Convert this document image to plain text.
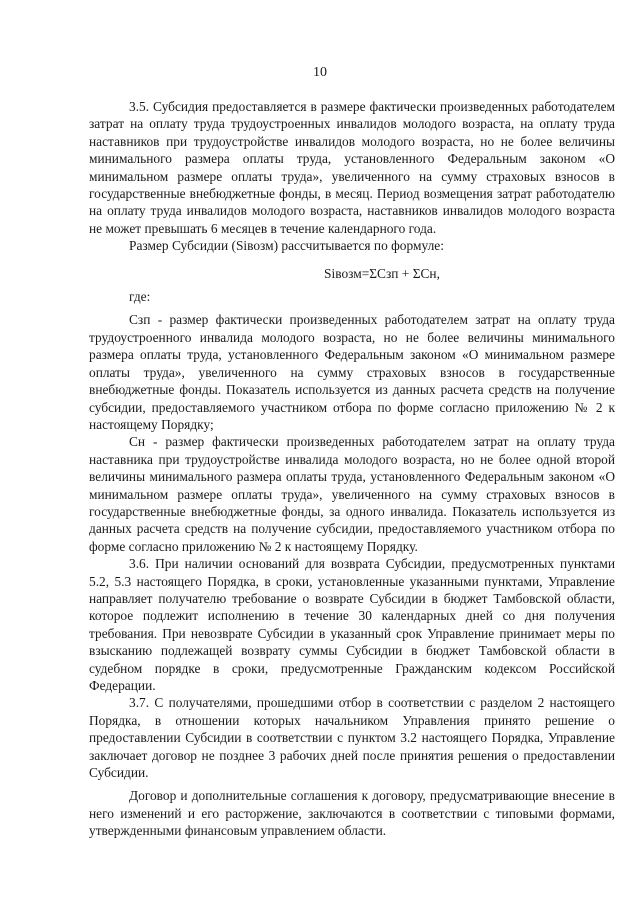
10

3.5. Субсидия предоставляется в размере фактически произведенных работодателем затрат на оплату труда трудоустроенных инвалидов молодого возраста, на оплату труда наставников при трудоустройстве инвалидов молодого возраста, но не более величины минимального размера оплаты труда, установленного Федеральным законом «О минимальном размере оплаты труда», увеличенного на сумму страховых взносов в государственные внебюджетные фонды, в месяц. Период возмещения затрат работодателю на оплату труда инвалидов молодого возраста, наставников инвалидов молодого возраста не может превышать 6 месяцев в течение календарного года.

Размер Субсидии (Siвозм) рассчитывается по формуле:

Siвозм=ΣCзп + ΣCн,

где:

Cзп - размер фактически произведенных работодателем затрат на оплату труда трудоустроенного инвалида молодого возраста, но не более величины минимального размера оплаты труда, установленного Федеральным законом «О минимальном размере оплаты труда», увеличенного на сумму страховых взносов в государственные внебюджетные фонды. Показатель используется из данных расчета средств на получение субсидии, предоставляемого участником отбора по форме согласно приложению № 2 к настоящему Порядку;

Cн - размер фактически произведенных работодателем затрат на оплату труда наставника при трудоустройстве инвалида молодого возраста, но не более одной второй величины минимального размера оплаты труда, установленного Федеральным законом «О минимальном размере оплаты труда», увеличенного на сумму страховых взносов в государственные внебюджетные фонды, за одного инвалида. Показатель используется из данных расчета средств на получение субсидии, предоставляемого участником отбора по форме согласно приложению № 2 к настоящему Порядку.

3.6. При наличии оснований для возврата Субсидии, предусмотренных пунктами 5.2, 5.3 настоящего Порядка, в сроки, установленные указанными пунктами, Управление направляет получателю требование о возврате Субсидии в бюджет Тамбовской области, которое подлежит исполнению в течение 30 календарных дней со дня получения требования. При невозврате Субсидии в указанный срок Управление принимает меры по взысканию подлежащей возврату суммы Субсидии в бюджет Тамбовской области в судебном порядке в сроки, предусмотренные Гражданским кодексом Российской Федерации.

3.7. С получателями, прошедшими отбор в соответствии с разделом 2 настоящего Порядка, в отношении которых начальником Управления принято решение о предоставлении Субсидии в соответствии с пунктом 3.2 настоящего Порядка, Управление заключает договор не позднее 3 рабочих дней после принятия решения о предоставлении Субсидии.

Договор и дополнительные соглашения к договору, предусматривающие внесение в него изменений и его расторжение, заключаются в соответствии с типовыми формами, утвержденными финансовым управлением области.
